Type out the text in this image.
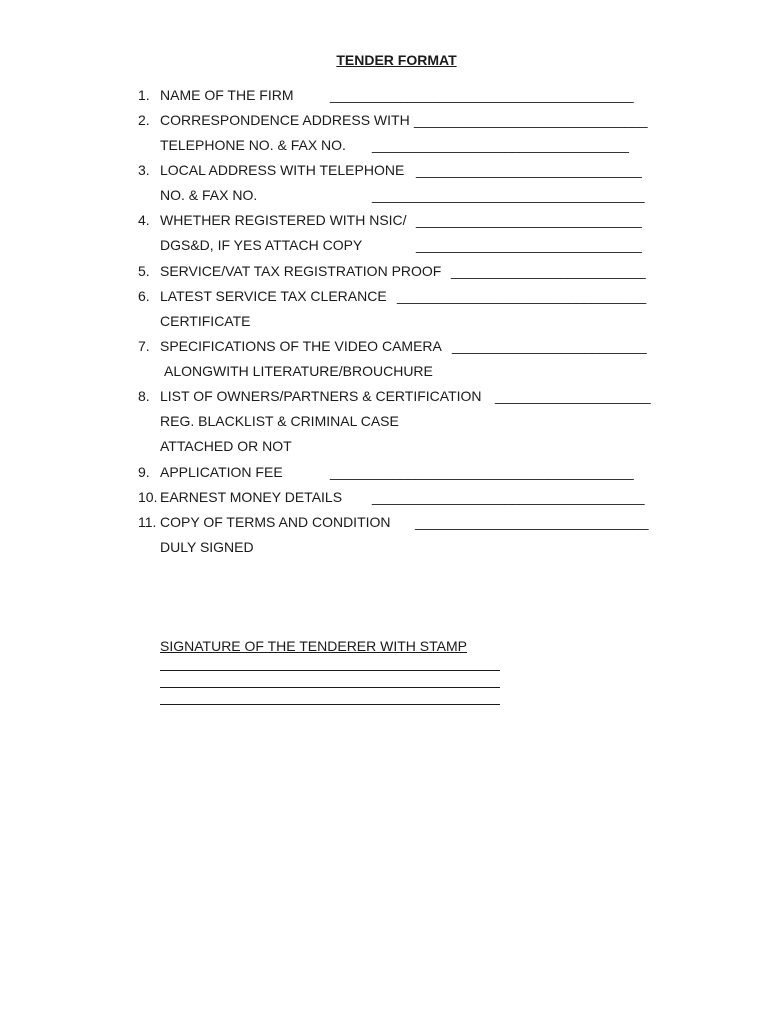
TENDER FORMAT
1. NAME OF THE FIRM	_______________________________________
2. CORRESPONDENCE ADDRESS WITH ______________________________
TELEPHONE NO. & FAX NO. _________________________________
3. LOCAL ADDRESS WITH TELEPHONE _____________________________
NO. & FAX NO.	___________________________________
4. WHETHER REGISTERED WITH NSIC/ _____________________________
DGS&D, IF YES ATTACH COPY	_____________________________
5. SERVICE/VAT TAX REGISTRATION PROOF _________________________
6. LATEST SERVICE TAX CLERANCE ________________________________
CERTIFICATE
7. SPECIFICATIONS OF THE VIDEO CAMERA _________________________
ALONGWITH LITERATURE/BROUCHURE
8. LIST OF OWNERS/PARTNERS & CERTIFICATION ____________________
REG. BLACKLIST & CRIMINAL CASE
ATTACHED OR NOT
9. APPLICATION FEE	_______________________________________
10. EARNEST MONEY DETAILS ___________________________________
11. COPY OF TERMS AND CONDITION ______________________________
DULY SIGNED
SIGNATURE OF THE TENDERER WITH STAMP
